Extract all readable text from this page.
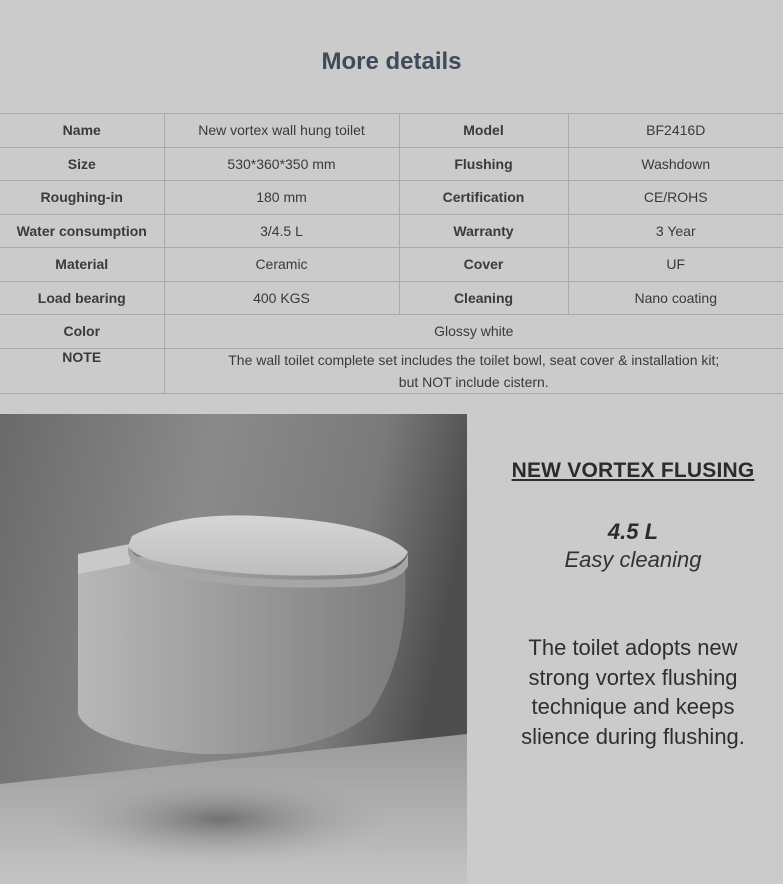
More details
Name	New vortex wall hung toilet	Model	BF2416D
Size	530*360*350 mm	Flushing	Washdown
Roughing-in	180 mm	Certification	CE/ROHS
Water consumption	3/4.5 L	Warranty	3 Year
Material	Ceramic	Cover	UF
Load bearing	400 KGS	Cleaning	Nano coating
Color	Glossy white		
NOTE	The wall toilet complete set includes the toilet bowl, seat cover & installation kit;
but NOT include cistern.		
NEW VORTEX FLUSING
4.5 L
Easy cleaning
The toilet adopts new
strong vortex flushing
technique and keeps
slience during flushing.
